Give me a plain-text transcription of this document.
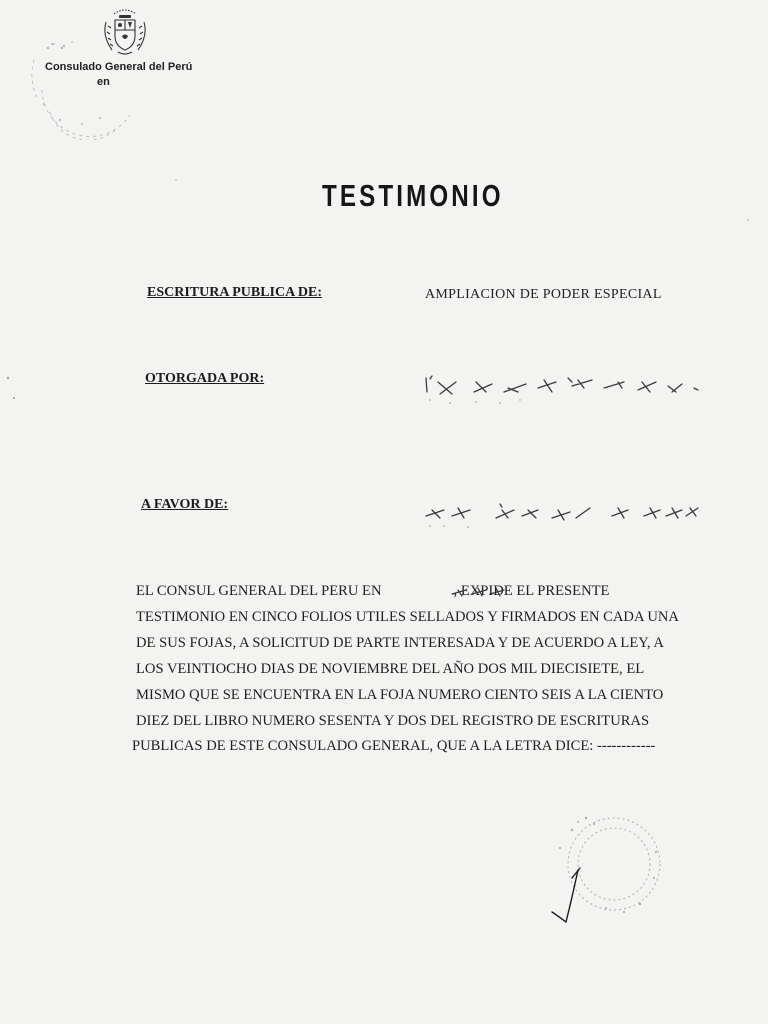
Consulado General del Perú
en
TESTIMONIO
ESCRITURA PUBLICA DE:	AMPLIACION DE PODER ESPECIAL
OTORGADA POR:
A FAVOR DE:
EL CONSUL GENERAL DEL PERU EN	, EXPIDE EL PRESENTE
TESTIMONIO EN CINCO FOLIOS UTILES SELLADOS Y FIRMADOS EN CADA UNA
DE SUS FOJAS, A SOLICITUD DE PARTE INTERESADA Y DE ACUERDO A LEY, A
LOS VEINTIOCHO DIAS DE NOVIEMBRE DEL AÑO DOS MIL DIECISIETE, EL
MISMO QUE SE ENCUENTRA EN LA FOJA NUMERO CIENTO SEIS A LA CIENTO
DIEZ DEL LIBRO NUMERO SESENTA Y DOS DEL REGISTRO DE ESCRITURAS
PUBLICAS DE ESTE CONSULADO GENERAL, QUE A LA LETRA DICE: ------------
